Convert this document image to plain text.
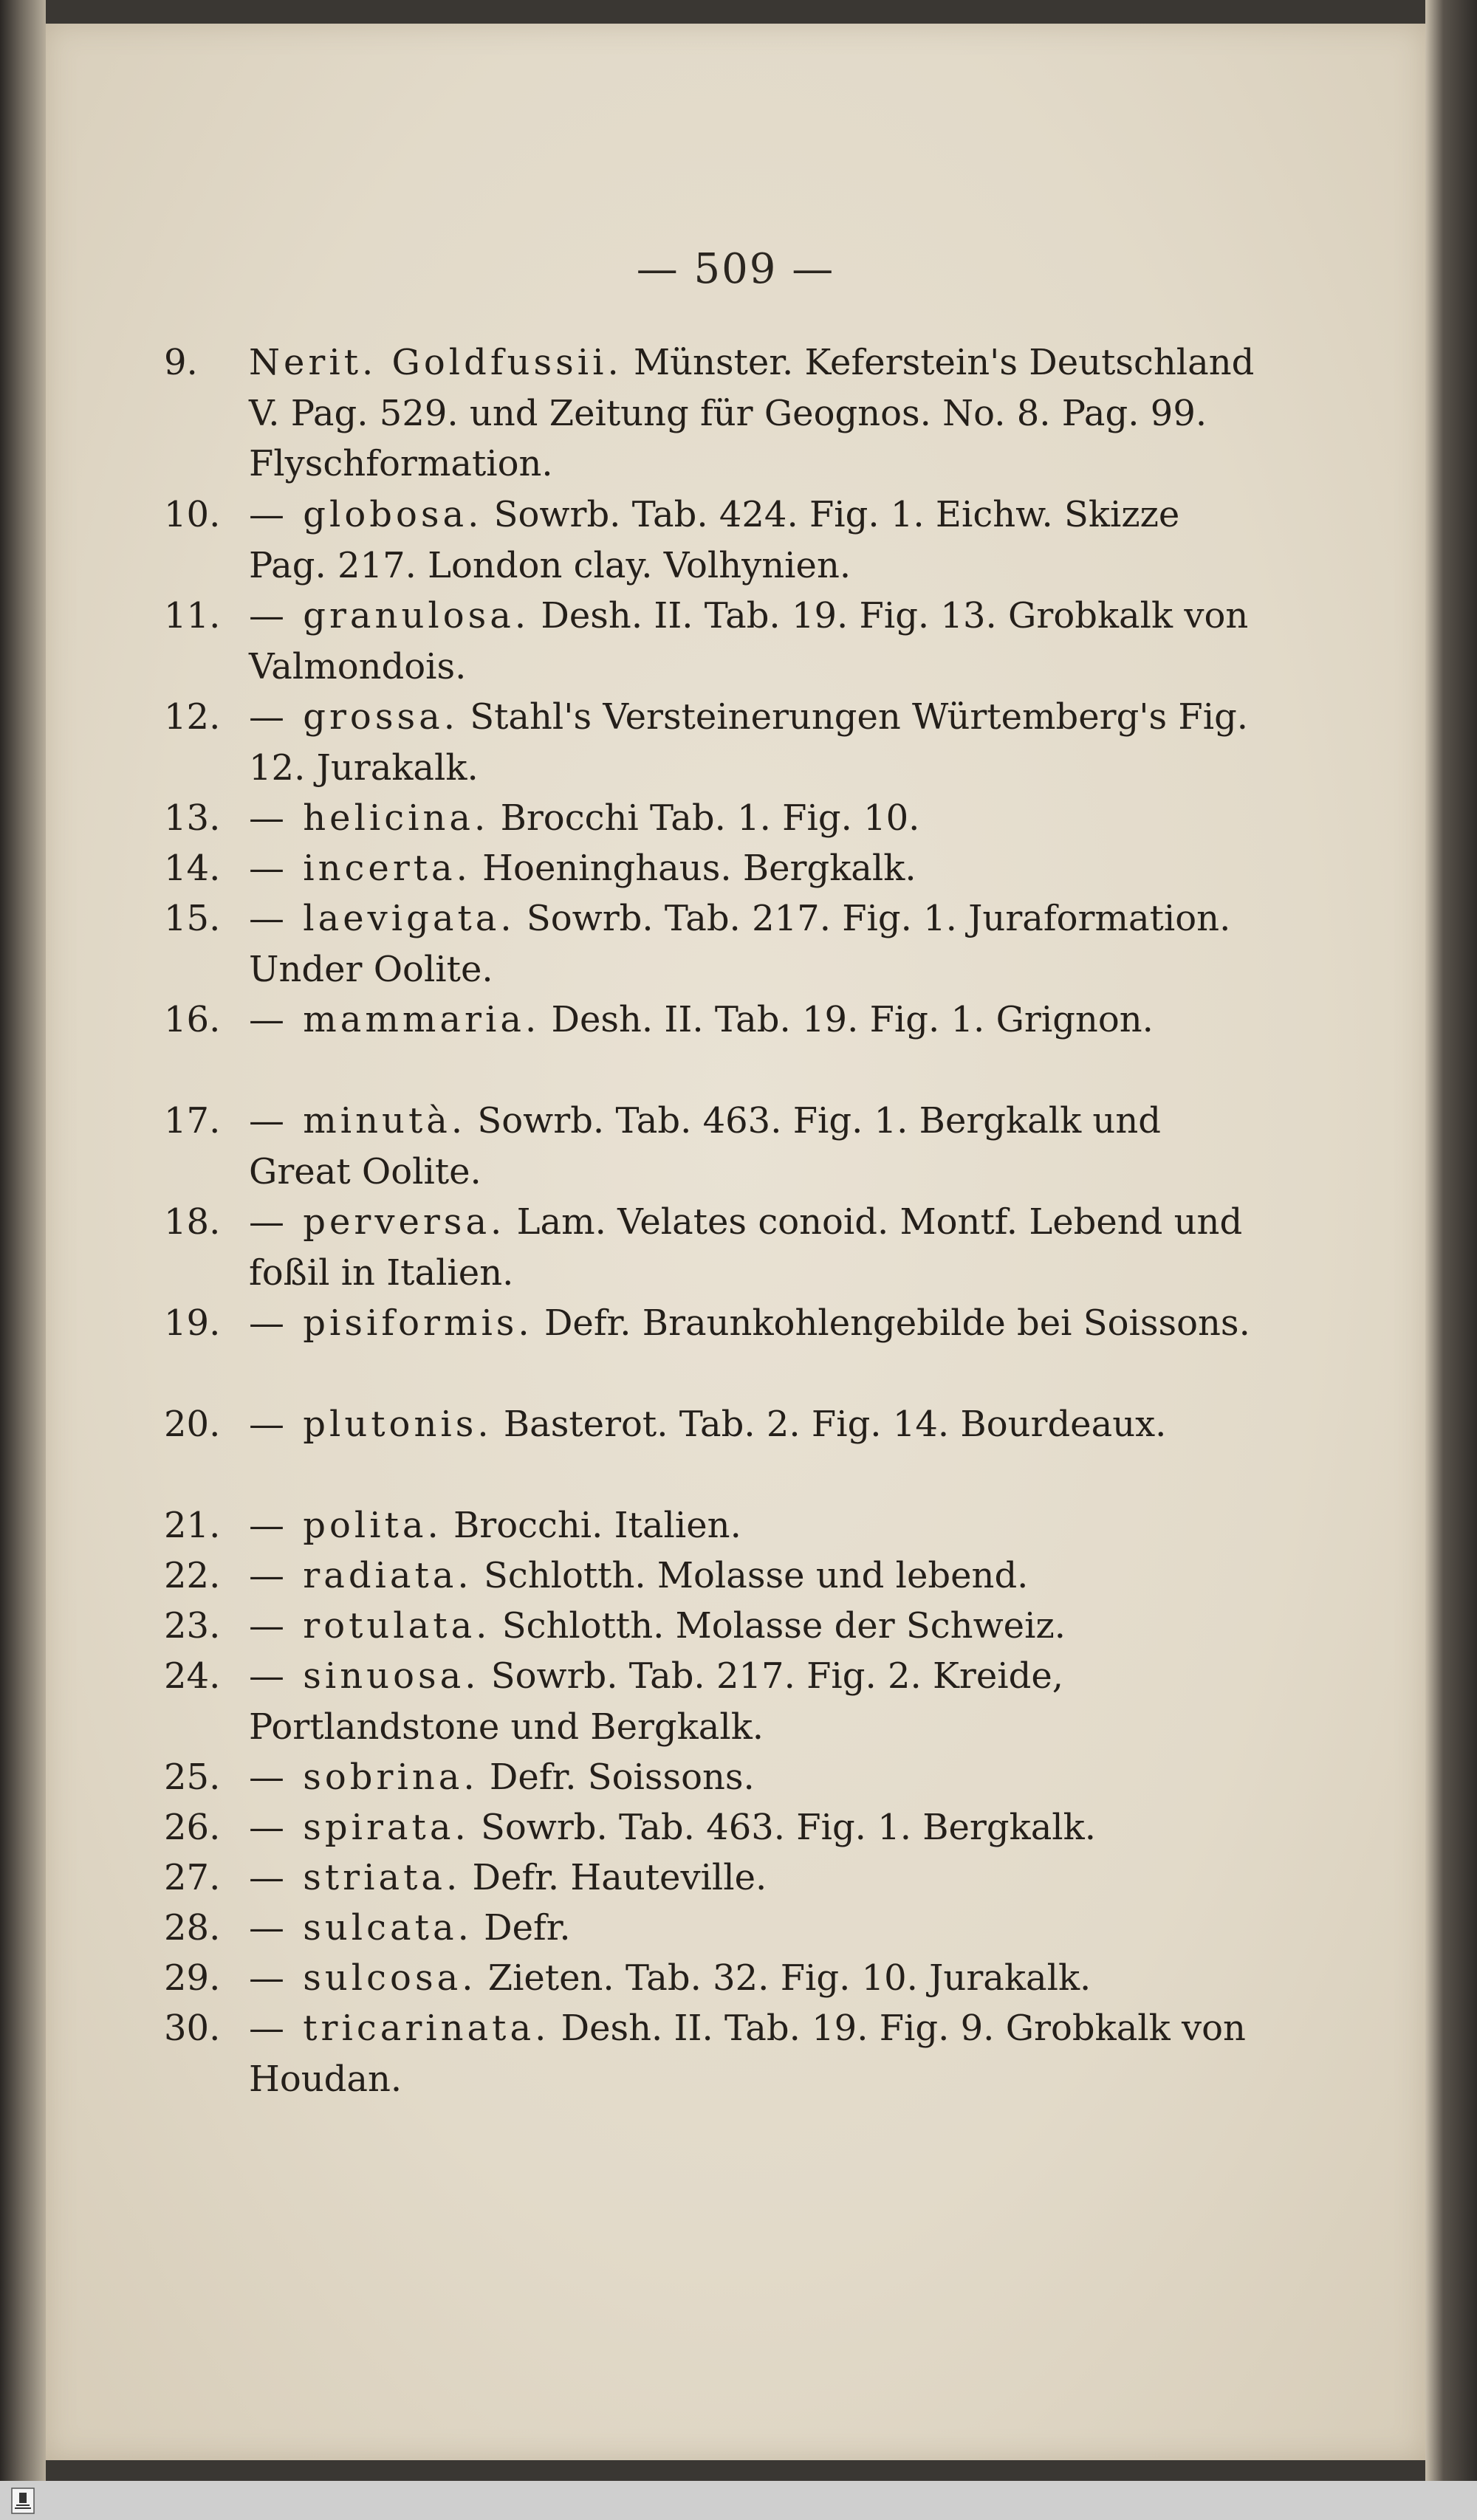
— 509 —
9.	Nerit. Goldfussii. Münster. Keferstein's Deutschland V. Pag. 529. und Zeitung für Geognos. No. 8. Pag. 99. Flyschformation.
10. — globosa. Sowrb. Tab. 424. Fig. 1. Eichw. Skizze Pag. 217. London clay. Volhynien.
11. — granulosa. Desh. II. Tab. 19. Fig. 13. Grobkalk von Valmondois.
12. — grossa. Stahl's Versteinerungen Würtemberg's Fig. 12. Jurakalk.
13. — helicina. Brocchi Tab. 1. Fig. 10.
14. — incerta. Hoeninghaus. Bergkalk.
15. — laevigata. Sowrb. Tab. 217. Fig. 1. Juraformation. Under Oolite.
16. — mammaria. Desh. II. Tab. 19. Fig. 1. Grignon.
17. — minutà. Sowrb. Tab. 463. Fig. 1. Bergkalk und Great Oolite.
18. — perversa. Lam. Velates conoid. Montf. Lebend und foßil in Italien.
19. — pisiformis. Defr. Braunkohlengebilde bei Soissons.
20. — plutonis. Basterot. Tab. 2. Fig. 14. Bourdeaux.
21. — polita. Brocchi. Italien.
22. — radiata. Schlotth. Molasse und lebend.
23. — rotulata. Schlotth. Molasse der Schweiz.
24. — sinuosa. Sowrb. Tab. 217. Fig. 2. Kreide, Portlandstone und Bergkalk.
25. — sobrina. Defr. Soissons.
26. — spirata. Sowrb. Tab. 463. Fig. 1. Bergkalk.
27. — striata. Defr. Hauteville.
28. — sulcata. Defr.
29. — sulcosa. Zieten. Tab. 32. Fig. 10. Jurakalk.
30. — tricarinata. Desh. II. Tab. 19. Fig. 9. Grobkalk von Houdan.
